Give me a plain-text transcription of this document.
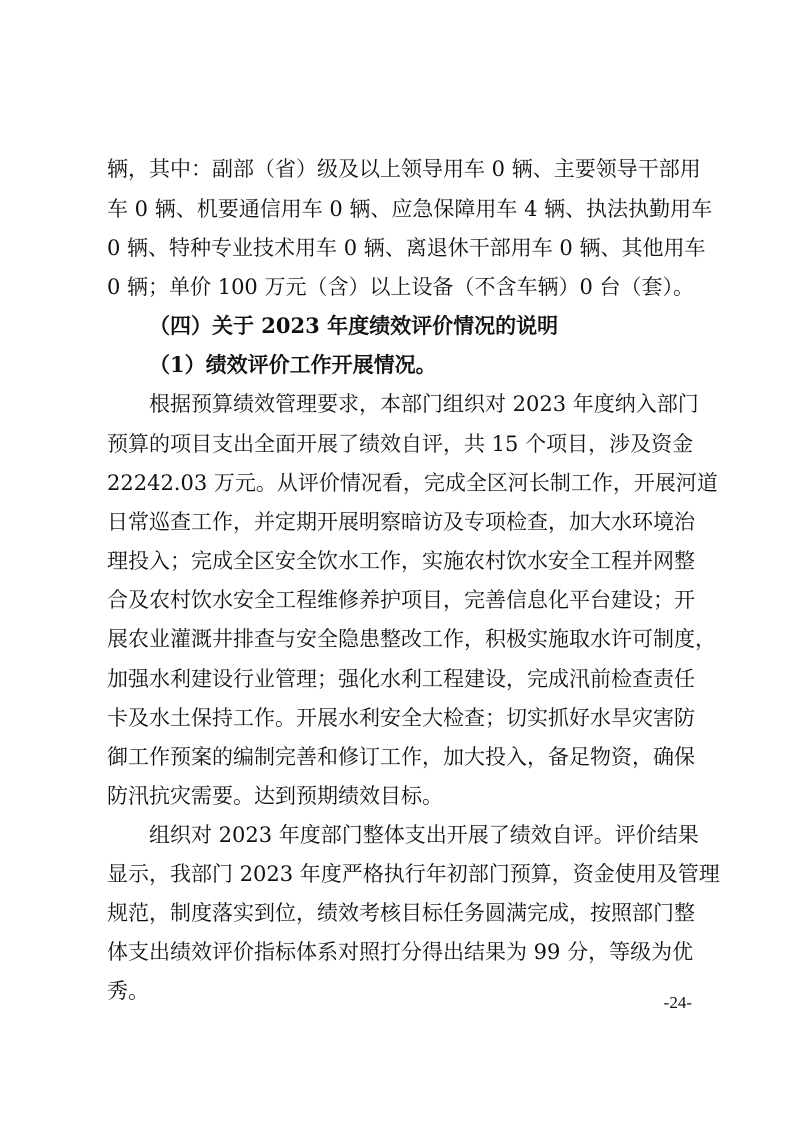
辆，其中：副部（省）级及以上领导用车 0 辆、主要领导干部用
车 0 辆、机要通信用车 0 辆、应急保障用车 4 辆、执法执勤用车
0 辆、特种专业技术用车 0 辆、离退休干部用车 0 辆、其他用车
0 辆；单价 100 万元（含）以上设备（不含车辆）0 台（套）。
（四）关于 2023 年度绩效评价情况的说明
（1）绩效评价工作开展情况。
根据预算绩效管理要求，本部门组织对 2023 年度纳入部门
预算的项目支出全面开展了绩效自评，共 15 个项目，涉及资金
22242.03 万元。从评价情况看，完成全区河长制工作，开展河道
日常巡查工作，并定期开展明察暗访及专项检查，加大水环境治
理投入；完成全区安全饮水工作，实施农村饮水安全工程并网整
合及农村饮水安全工程维修养护项目，完善信息化平台建设；开
展农业灌溉井排查与安全隐患整改工作，积极实施取水许可制度，
加强水利建设行业管理；强化水利工程建设，完成汛前检查责任
卡及水土保持工作。开展水利安全大检查；切实抓好水旱灾害防
御工作预案的编制完善和修订工作，加大投入，备足物资，确保
防汛抗灾需要。达到预期绩效目标。
组织对 2023 年度部门整体支出开展了绩效自评。评价结果
显示，我部门 2023 年度严格执行年初部门预算，资金使用及管理
规范，制度落实到位，绩效考核目标任务圆满完成，按照部门整
体支出绩效评价指标体系对照打分得出结果为 99 分，等级为优
秀。	-24-
